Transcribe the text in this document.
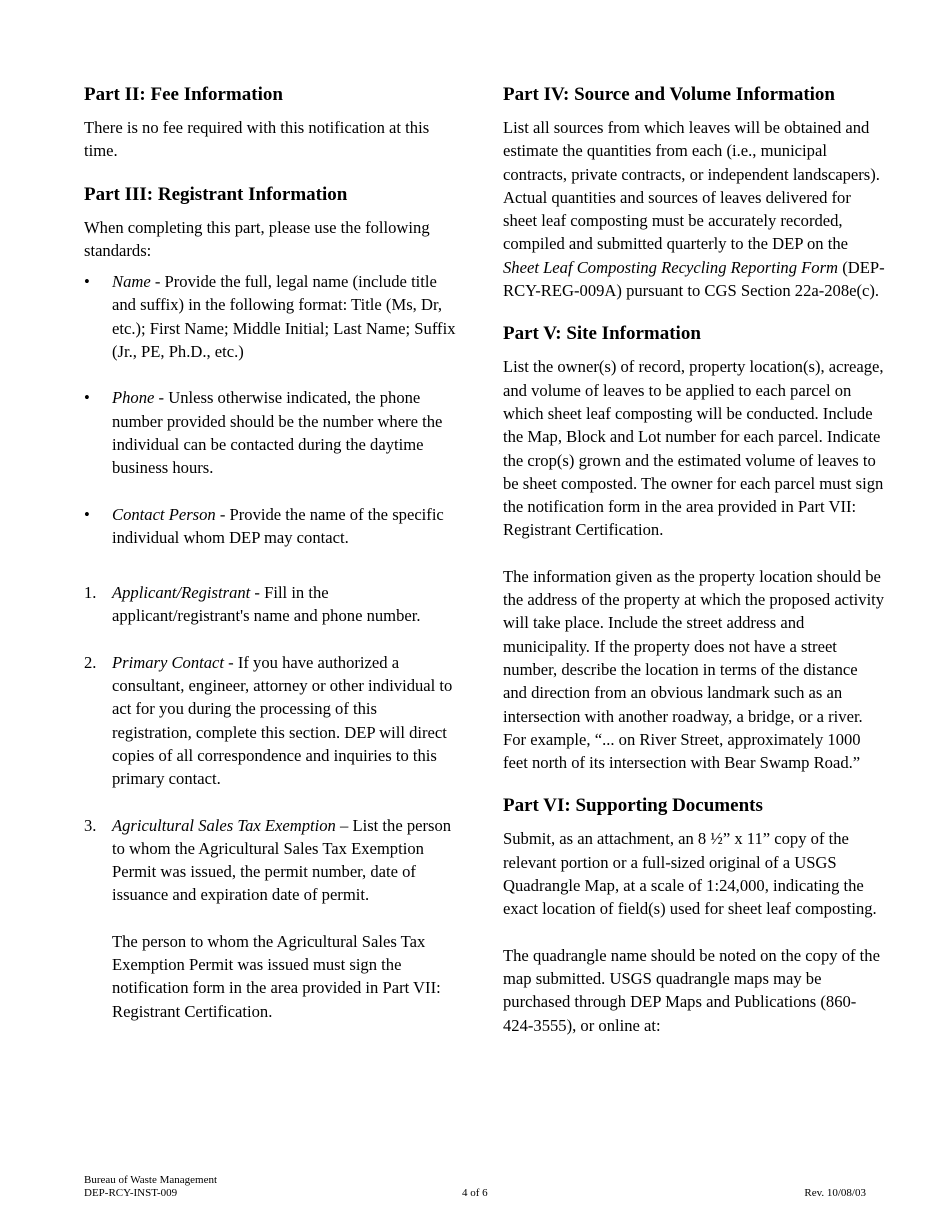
Part II: Fee Information

There is no fee required with this notification at this time.

Part III: Registrant Information

When completing this part, please use the following standards:

• Name - Provide the full, legal name (include title and suffix) in the following format: Title (Ms, Dr, etc.); First Name; Middle Initial; Last Name; Suffix (Jr., PE, Ph.D., etc.)
• Phone - Unless otherwise indicated, the phone number provided should be the number where the individual can be contacted during the daytime business hours.
• Contact Person - Provide the name of the specific individual whom DEP may contact.
1. Applicant/Registrant - Fill in the applicant/registrant's name and phone number.
2. Primary Contact - If you have authorized a consultant, engineer, attorney or other individual to act for you during the processing of this registration, complete this section. DEP will direct copies of all correspondence and inquiries to this primary contact.
3. Agricultural Sales Tax Exemption – List the person to whom the Agricultural Sales Tax Exemption Permit was issued, the permit number, date of issuance and expiration date of permit.

The person to whom the Agricultural Sales Tax Exemption Permit was issued must sign the notification form in the area provided in Part VII: Registrant Certification.

Part IV: Source and Volume Information

List all sources from which leaves will be obtained and estimate the quantities from each (i.e., municipal contracts, private contracts, or independent landscapers). Actual quantities and sources of leaves delivered for sheet leaf composting must be accurately recorded, compiled and submitted quarterly to the DEP on the Sheet Leaf Composting Recycling Reporting Form (DEP-RCY-REG-009A) pursuant to CGS Section 22a-208e(c).

Part V: Site Information

List the owner(s) of record, property location(s), acreage, and volume of leaves to be applied to each parcel on which sheet leaf composting will be conducted. Include the Map, Block and Lot number for each parcel. Indicate the crop(s) grown and the estimated volume of leaves to be sheet composted. The owner for each parcel must sign the notification form in the area provided in Part VII: Registrant Certification.

The information given as the property location should be the address of the property at which the proposed activity will take place. Include the street address and municipality. If the property does not have a street number, describe the location in terms of the distance and direction from an obvious landmark such as an intersection with another roadway, a bridge, or a river. For example, “... on River Street, approximately 1000 feet north of its intersection with Bear Swamp Road.”

Part VI: Supporting Documents

Submit, as an attachment, an 8 ½” x 11” copy of the relevant portion or a full-sized original of a USGS Quadrangle Map, at a scale of 1:24,000, indicating the exact location of field(s) used for sheet leaf composting.

The quadrangle name should be noted on the copy of the map submitted. USGS quadrangle maps may be purchased through DEP Maps and Publications (860-424-3555), or online at:

Bureau of Waste Management
DEP-RCY-INST-009	4 of 6	Rev. 10/08/03
